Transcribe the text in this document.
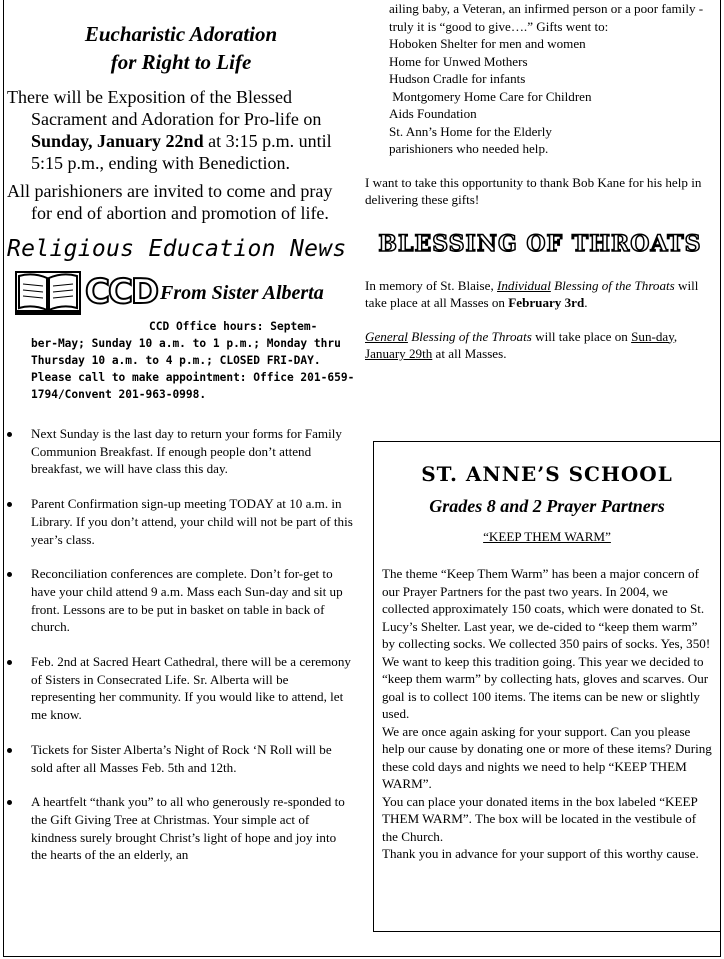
Eucharistic Adoration
for Right to Life

There will be Exposition of the Blessed Sacrament and Adoration for Pro-life on Sunday, January 22nd at 3:15 p.m. until 5:15 p.m., ending with Benediction.

All parishioners are invited to come and pray for end of abortion and promotion of life.

Religious Education News
CCD From Sister Alberta
CCD Office hours: Septem-
ber-May; Sunday 10 a.m. to 1 p.m.; Monday thru Thursday 10 a.m. to 4 p.m.; CLOSED FRI-DAY.
Please call to make appointment: Office 201-659-1794/Convent 201-963-0998.
Next Sunday is the last day to return your forms for Family Communion Breakfast. If enough people don’t attend breakfast, we will have class this day.
Parent Confirmation sign-up meeting TODAY at 10 a.m. in Library. If you don’t attend, your child will not be part of this year’s class.
Reconciliation conferences are complete. Don’t for-get to have your child attend 9 a.m. Mass each Sun-day and sit up front. Lessons are to be put in basket on table in back of church.
Feb. 2nd at Sacred Heart Cathedral, there will be a ceremony of Sisters in Consecrated Life. Sr. Alberta will be representing her community. If you would like to attend, let me know.
Tickets for Sister Alberta’s Night of Rock ‘N Roll will be sold after all Masses Feb. 5th and 12th.
A heartfelt “thank you” to all who generously re-sponded to the Gift Giving Tree at Christmas. Your simple act of kindness surely brought Christ’s light of hope and joy into the hearts of the an elderly, an

ailing baby, a Veteran, an infirmed person or a poor family - truly it is “good to give….” Gifts went to:

Hoboken Shelter for men and women
Home for Unwed Mothers
Hudson Cradle for infants
Montgomery Home Care for Children
Aids Foundation
St. Ann’s Home for the Elderly
parishioners who needed help.
I want to take this opportunity to thank Bob Kane for his help in delivering these gifts!
BLESSING OF THROATS
In memory of St. Blaise, Individual Blessing of the Throats will take place at all Masses on February 3rd.
General Blessing of the Throats will take place on Sun-day, January 29th at all Masses.
ST. ANNE’S SCHOOL
Grades 8 and 2 Prayer Partners
“KEEP THEM WARM”
The theme “Keep Them Warm” has been a major concern of our Prayer Partners for the past two years. In 2004, we collected approximately 150 coats, which were donated to St. Lucy’s Shelter. Last year, we de-cided to “keep them warm” by collecting socks. We collected 350 pairs of socks. Yes, 350!
We want to keep this tradition going. This year we decided to “keep them warm” by collecting hats, gloves and scarves. Our goal is to collect 100 items. The items can be new or slightly used.
We are once again asking for your support. Can you please help our cause by donating one or more of these items? During these cold days and nights we need to help “KEEP THEM WARM”.
You can place your donated items in the box labeled “KEEP THEM WARM”. The box will be located in the vestibule of the Church.
Thank you in advance for your support of this worthy cause.
